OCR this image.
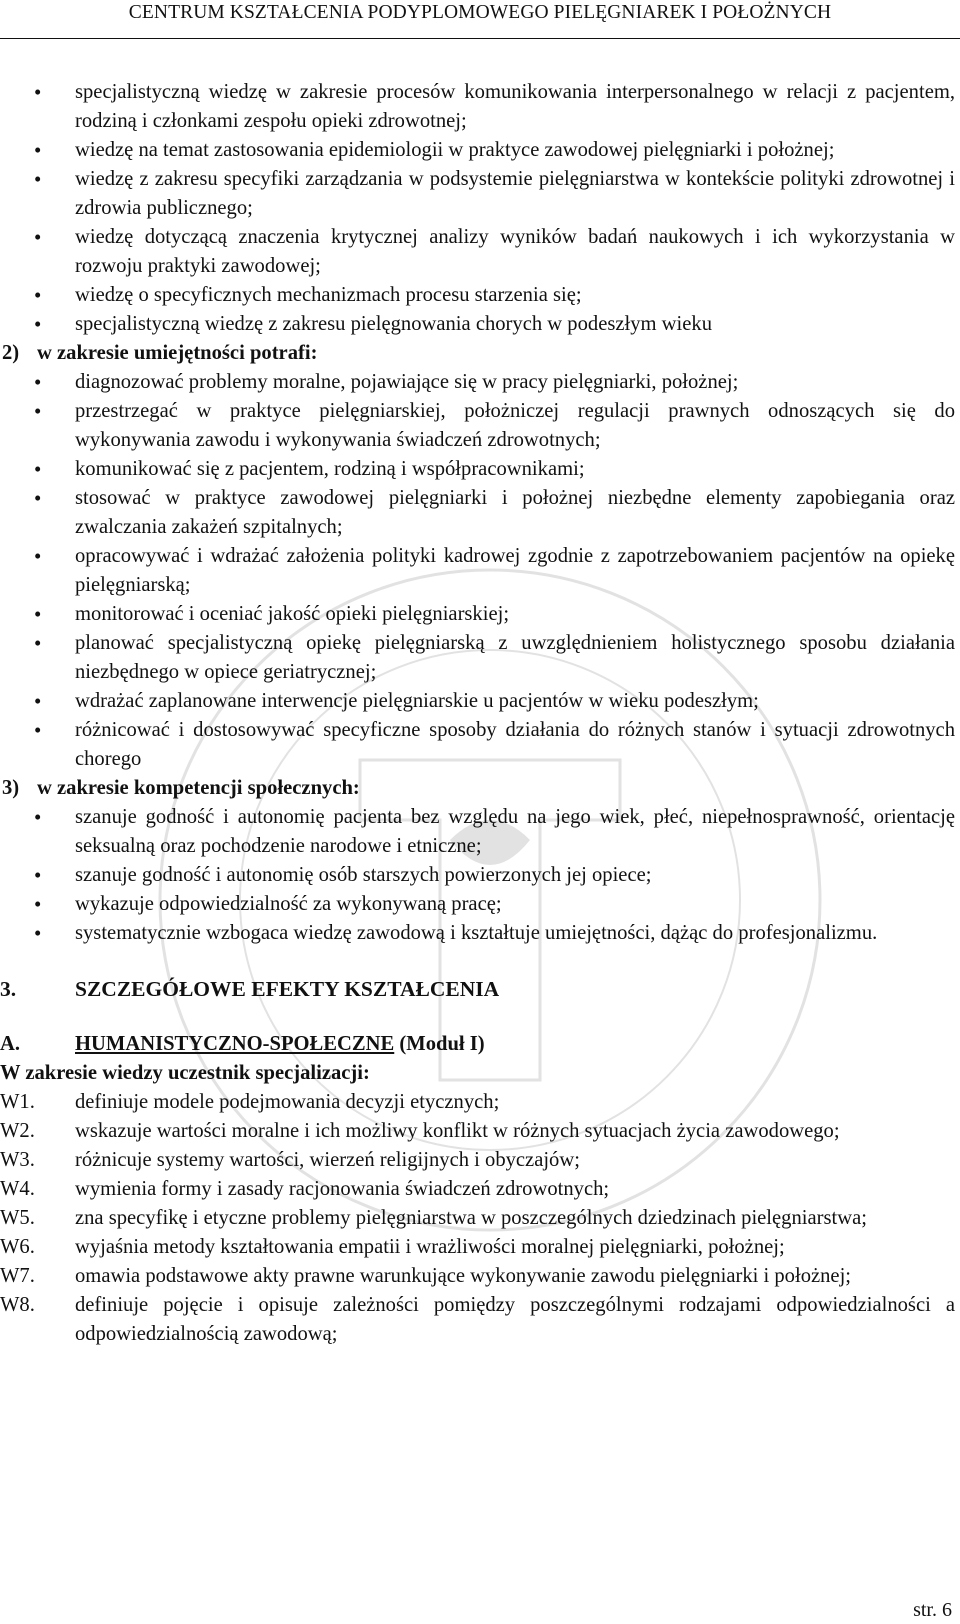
CENTRUM KSZTAŁCENIA PODYPLOMOWEGO PIELĘGNIAREK I POŁOŻNYCH
• specjalistyczną wiedzę w zakresie procesów komunikowania interpersonalnego w relacji z pacjentem, rodziną i członkami zespołu opieki zdrowotnej;
• wiedzę na temat zastosowania epidemiologii w praktyce zawodowej pielęgniarki i położnej;
• wiedzę z zakresu specyfiki zarządzania w podsystemie pielęgniarstwa w kontekście polityki zdrowotnej i zdrowia publicznego;
• wiedzę dotyczącą znaczenia krytycznej analizy wyników badań naukowych i ich wykorzystania w rozwoju praktyki zawodowej;
• wiedzę o specyficznych mechanizmach procesu starzenia się;
• specjalistyczną wiedzę z zakresu pielęgnowania chorych w podeszłym wieku

2) w zakresie umiejętności potrafi:

• diagnozować problemy moralne, pojawiające się w pracy pielęgniarki, położnej;
• przestrzegać w praktyce pielęgniarskiej, położniczej regulacji prawnych odnoszących się do wykonywania zawodu i wykonywania świadczeń zdrowotnych;
• komunikować się z pacjentem, rodziną i współpracownikami;
• stosować w praktyce zawodowej pielęgniarki i położnej niezbędne elementy zapobiegania oraz zwalczania zakażeń szpitalnych;
• opracowywać i wdrażać założenia polityki kadrowej zgodnie z zapotrzebowaniem pacjentów na opiekę pielęgniarską;
• monitorować i oceniać jakość opieki pielęgniarskiej;
• planować specjalistyczną opiekę pielęgniarską z uwzględnieniem holistycznego sposobu działania niezbędnego w opiece geriatrycznej;
• wdrażać zaplanowane interwencje pielęgniarskie u pacjentów w wieku podeszłym;
• różnicować i dostosowywać specyficzne sposoby działania do różnych stanów i sytuacji zdrowotnych chorego

3) w zakresie kompetencji społecznych:

• szanuje godność i autonomię pacjenta bez względu na jego wiek, płeć, niepełnosprawność, orientację seksualną oraz pochodzenie narodowe i etniczne;
• szanuje godność i autonomię osób starszych powierzonych jej opiece;
• wykazuje odpowiedzialność za wykonywaną pracę;
• systematycznie wzbogaca wiedzę zawodową i kształtuje umiejętności, dążąc do profesjonalizmu.

3.	SZCZEGÓŁOWE EFEKTY KSZTAŁCENIA

A.	HUMANISTYCZNO-SPOŁECZNE (Moduł I)

W zakresie wiedzy uczestnik specjalizacji:

W1. definiuje modele podejmowania decyzji etycznych;
W2. wskazuje wartości moralne i ich możliwy konflikt w różnych sytuacjach życia zawodowego;
W3. różnicuje systemy wartości, wierzeń religijnych i obyczajów;
W4. wymienia formy i zasady racjonowania świadczeń zdrowotnych;
W5. zna specyfikę i etyczne problemy pielęgniarstwa w poszczególnych dziedzinach pielęgniarstwa;
W6. wyjaśnia metody kształtowania empatii i wrażliwości moralnej pielęgniarki, położnej;
W7. omawia podstawowe akty prawne warunkujące wykonywanie zawodu pielęgniarki i położnej;
W8. definiuje pojęcie i opisuje zależności pomiędzy poszczególnymi rodzajami odpowiedzialności a odpowiedzialnością zawodową;
str. 6
